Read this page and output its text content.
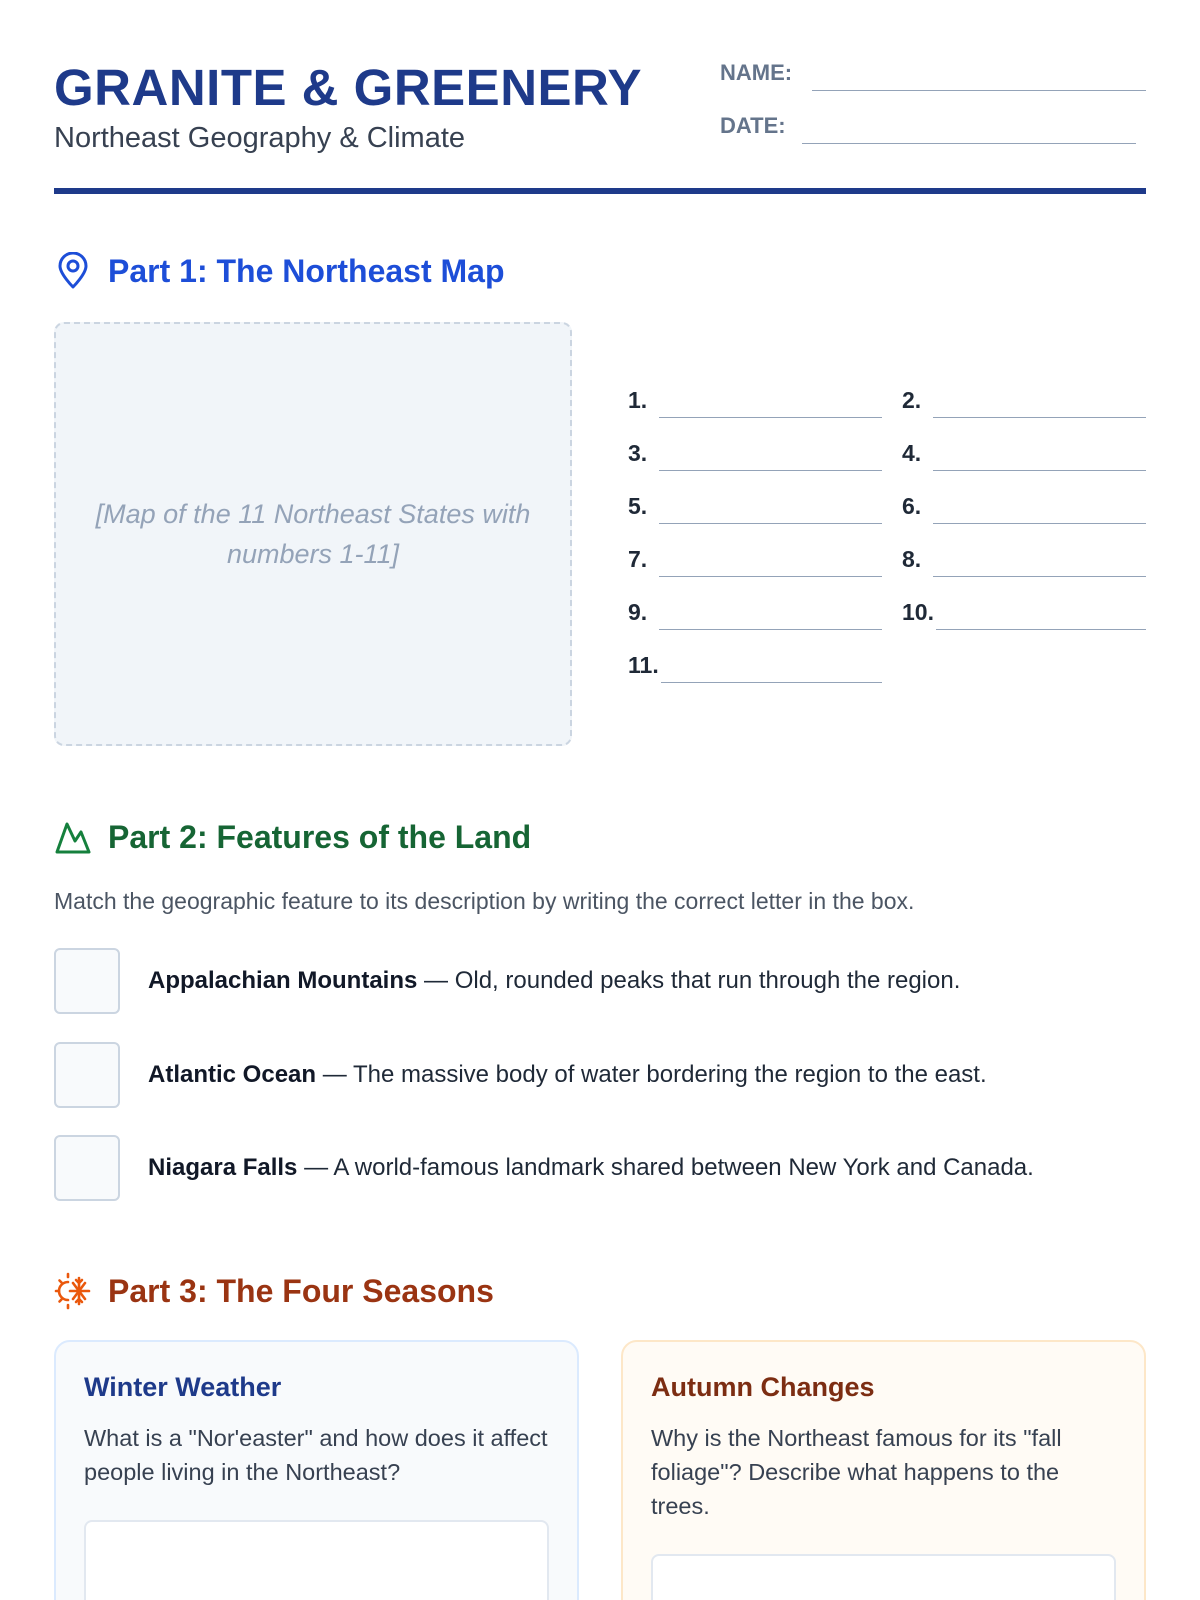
GRANITE & GREENERY
Northeast Geography & Climate
NAME:
DATE:
Part 1: The Northeast Map
[Map of the 11 Northeast States with numbers 1-11]
1.	2.
3.	4.
5.	6.
7.	8.
9.	10.
11.
Part 2: Features of the Land
Match the geographic feature to its description by writing the correct letter in the box.
Appalachian Mountains — Old, rounded peaks that run through the region.
Atlantic Ocean — The massive body of water bordering the region to the east.
Niagara Falls — A world-famous landmark shared between New York and Canada.
Part 3: The Four Seasons
Winter Weather
What is a "Nor'easter" and how does it affect people living in the Northeast?
Autumn Changes
Why is the Northeast famous for its "fall foliage"? Describe what happens to the trees.
